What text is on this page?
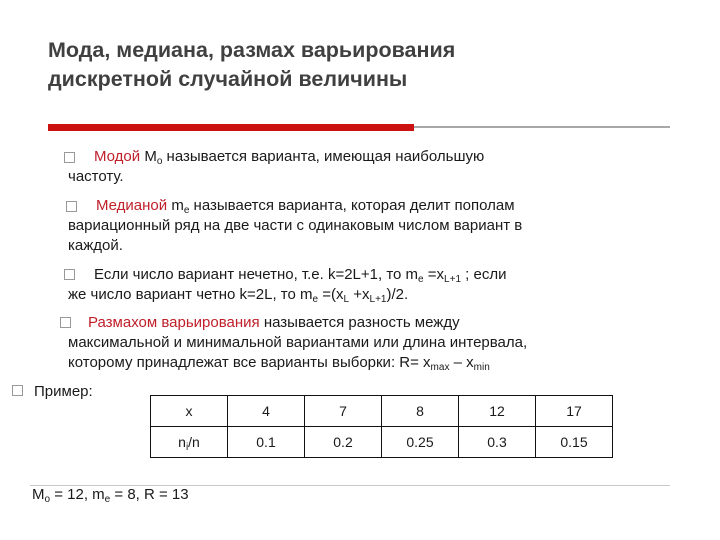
Мода, медиана, размах варьирования
дискретной случайной величины
Модой $M_o$ называется варианта, имеющая наибольшую
частоту.
Медианой $m_e$ называется варианта, которая делит пополам
вариационный ряд на две части с одинаковым числом вариант в
каждой.
Если число вариант нечетно, т.е. k=2L+1, то $m_e =x_{L+1}$ ; если
же число вариант четно k=2L, то $m_e =(x_L +x_{L+1})/2$.
Размахом варьирования называется разность между
максимальной и минимальной вариантами или длина интервала,
которому принадлежат все варианты выборки: $R= x_{max} - x_{min}$
Пример:
x	4	7	8	12	17
$n_i/n$	0.1	0.2	0.25	0.3	0.15
$M_o = 12$, $m_e = 8$, R = 13
